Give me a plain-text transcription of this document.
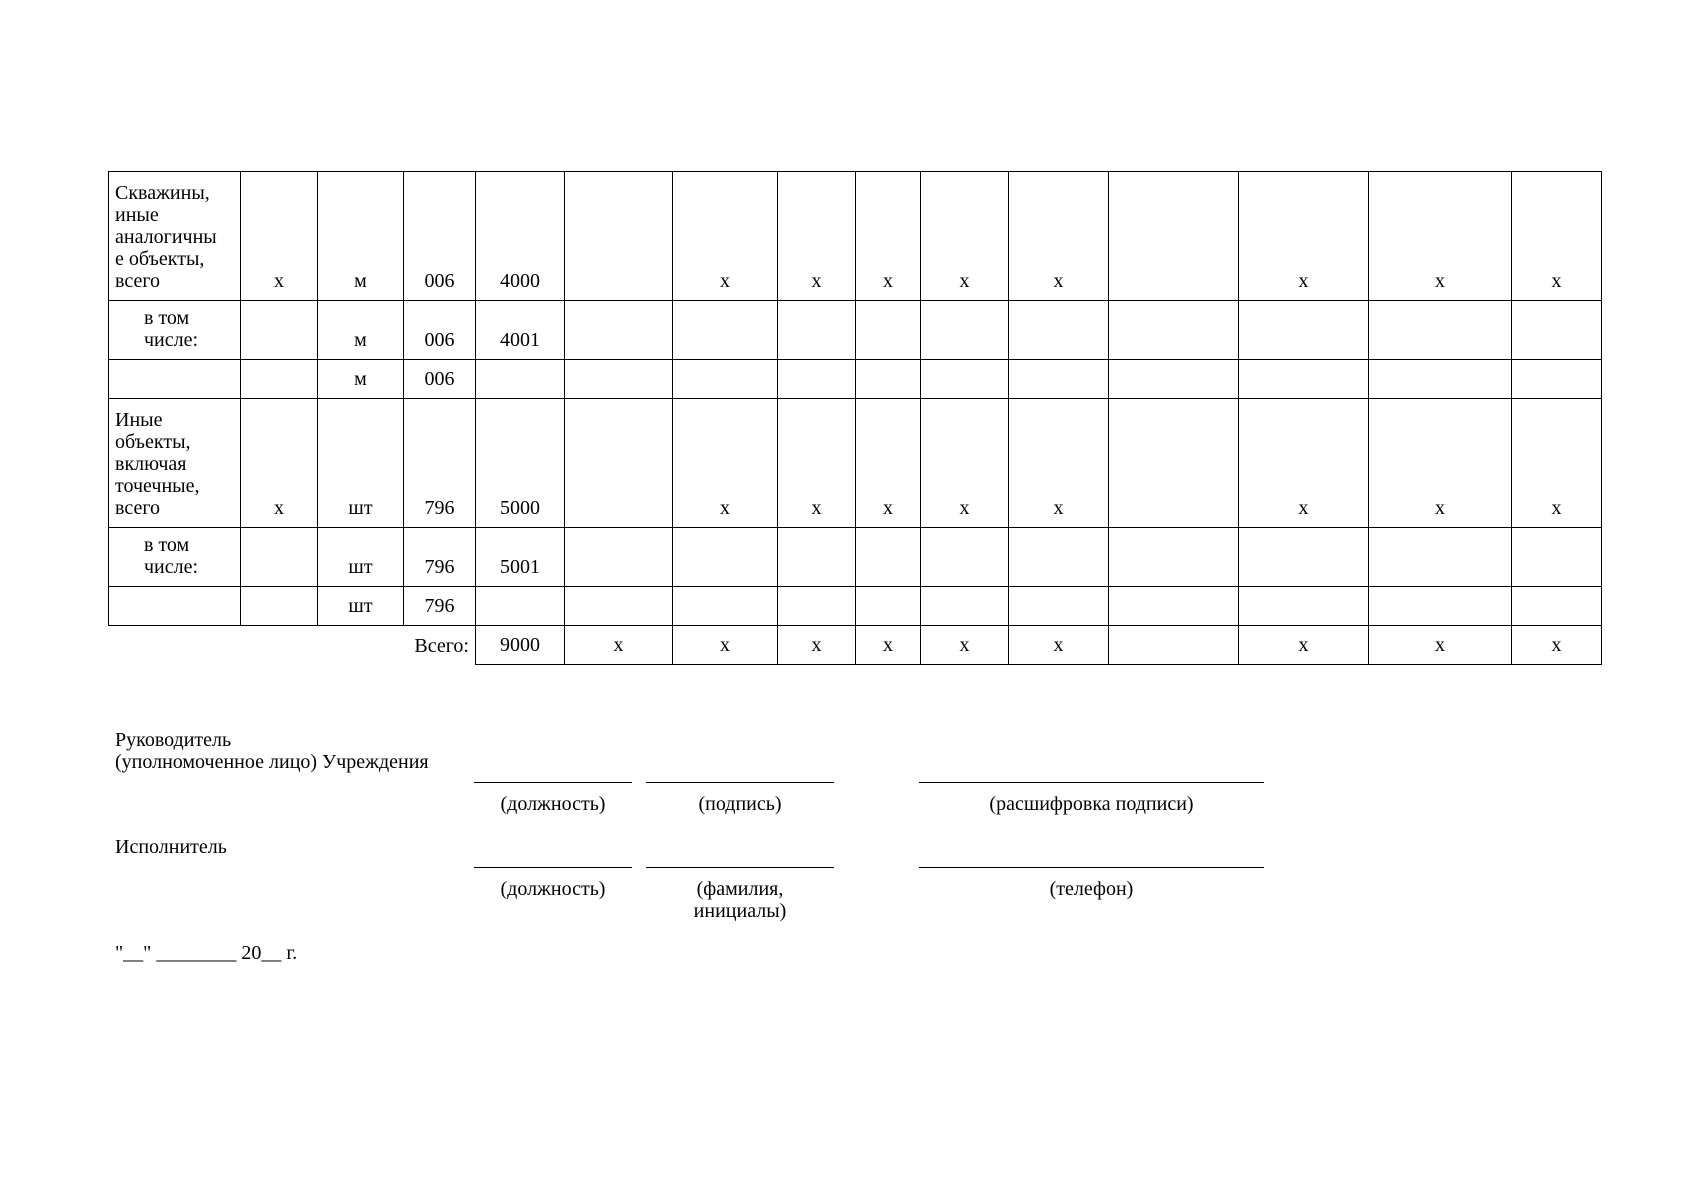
Скважины,
иные
аналогичны
е объекты,
всего	х	м	006	4000		х	х	х	х	х		х	х	х

в том
числе:		м	006	4001										

		м	006											

Иные
объекты,
включая
точечные,
всего	х	шт	796	5000		х	х	х	х	х		х	х	х

в том
числе:		шт	796	5001										

		шт	796											
Всего:				9000	х	х	х	х	х	х		х	х	х
Руководитель
(уполномоченное лицо) Учреждения
(должность)	(подпись)	(расшифровка подписи)
Исполнитель
(должность)	(фамилия,
инициалы)
(телефон)
"__" ________ 20__ г.
